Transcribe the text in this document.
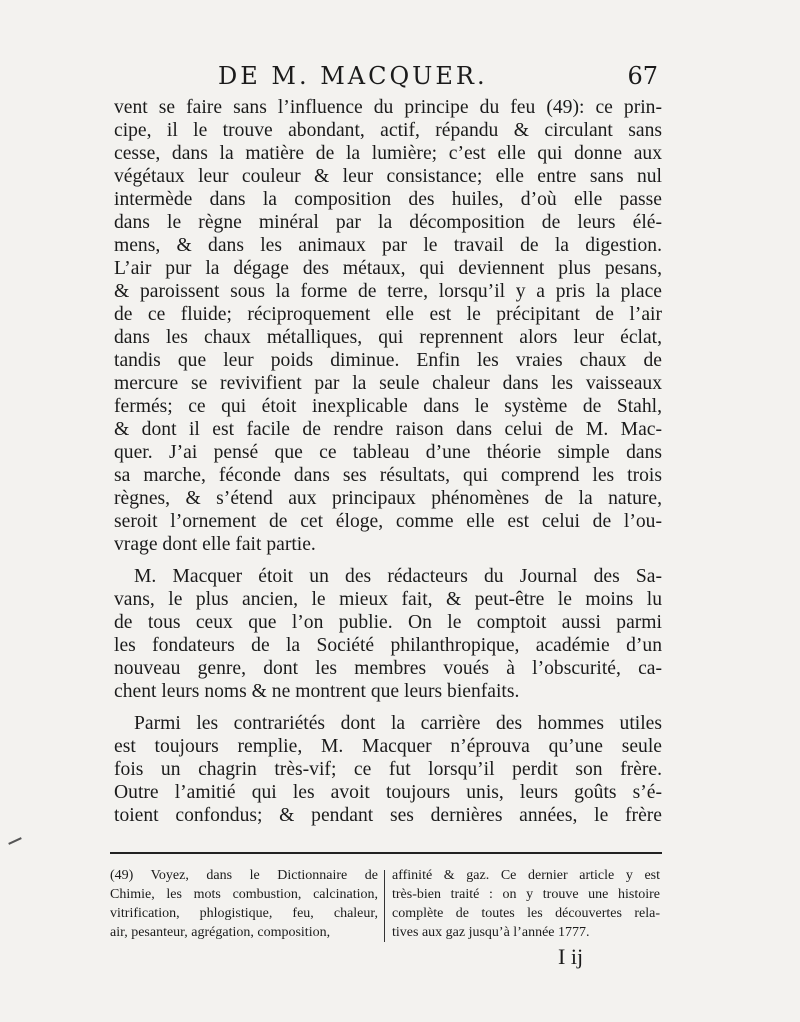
DE M. MACQUER.	67
vent se faire sans l’influence du principe du feu (49): ce prin-
cipe, il le trouve abondant, actif, répandu & circulant sans
cesse, dans la matière de la lumière; c’est elle qui donne aux
végétaux leur couleur & leur consistance; elle entre sans nul
intermède dans la composition des huiles, d’où elle passe
dans le règne minéral par la décomposition de leurs élé-
mens, & dans les animaux par le travail de la digestion.
L’air pur la dégage des métaux, qui deviennent plus pesans,
& paroissent sous la forme de terre, lorsqu’il y a pris la place
de ce fluide; réciproquement elle est le précipitant de l’air
dans les chaux métalliques, qui reprennent alors leur éclat,
tandis que leur poids diminue. Enfin les vraies chaux de
mercure se revivifient par la seule chaleur dans les vaisseaux
fermés; ce qui étoit inexplicable dans le système de Stahl,
& dont il est facile de rendre raison dans celui de M. Mac-
quer. J’ai pensé que ce tableau d’une théorie simple dans
sa marche, féconde dans ses résultats, qui comprend les trois
règnes, & s’étend aux principaux phénomènes de la nature,
seroit l’ornement de cet éloge, comme elle est celui de l’ou-
vrage dont elle fait partie.
M. Macquer étoit un des rédacteurs du Journal des Sa-
vans, le plus ancien, le mieux fait, & peut-être le moins lu
de tous ceux que l’on publie. On le comptoit aussi parmi
les fondateurs de la Société philanthropique, académie d’un
nouveau genre, dont les membres voués à l’obscurité, ca-
chent leurs noms & ne montrent que leurs bienfaits.
Parmi les contrariétés dont la carrière des hommes utiles
est toujours remplie, M. Macquer n’éprouva qu’une seule
fois un chagrin très-vif; ce fut lorsqu’il perdit son frère.
Outre l’amitié qui les avoit toujours unis, leurs goûts s’é-
toient confondus; & pendant ses dernières années, le frère
(49) Voyez, dans le Dictionnaire de
Chimie, les mots combustion, calcination,
vitrification, phlogistique, feu, chaleur,
air, pesanteur, agrégation, composition,
affinité & gaz. Ce dernier article y est
très-bien traité : on y trouve une histoire
complète de toutes les découvertes rela-
tives aux gaz jusqu’à l’année 1777.
I ij
